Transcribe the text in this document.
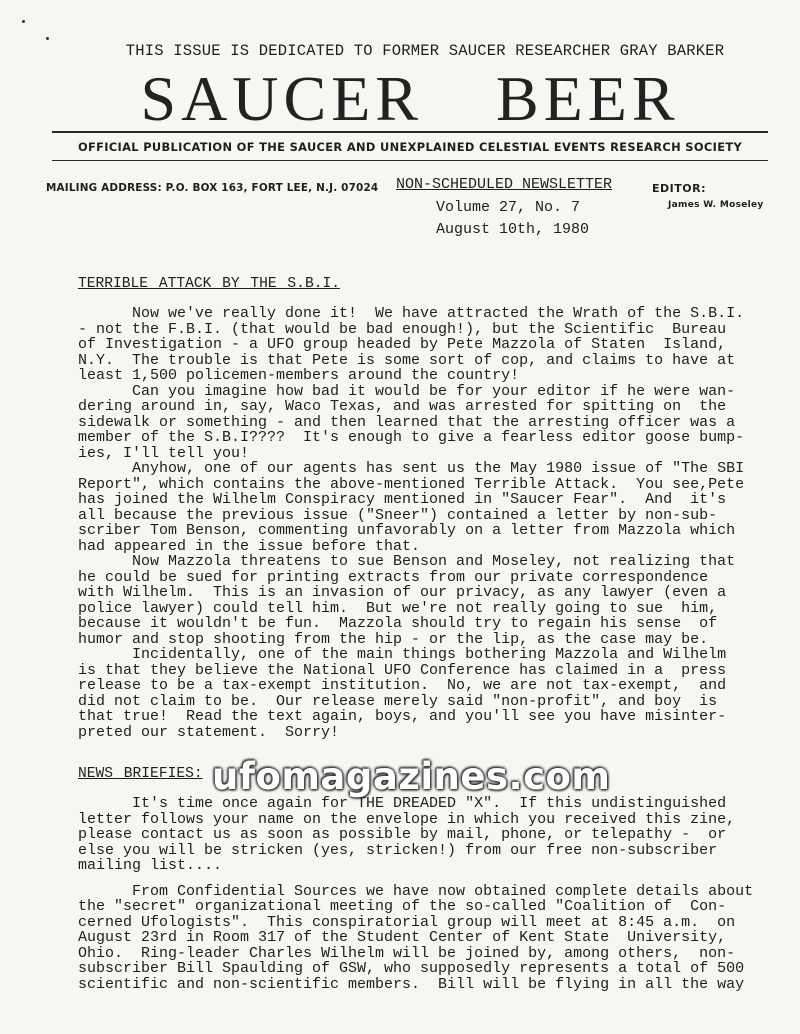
THIS ISSUE IS DEDICATED TO FORMER SAUCER RESEARCHER GRAY BARKER
SAUCER BEER
OFFICIAL PUBLICATION OF THE SAUCER AND UNEXPLAINED CELESTIAL EVENTS RESEARCH SOCIETY
MAILING ADDRESS: P.O. BOX 163, FORT LEE, N.J. 07024 NON-SCHEDULED NEWSLETTER
Volume 27, No. 7
August 10th, 1980
EDITOR:
James W. Moseley
TERRIBLE ATTACK BY THE S.B.I.
Now we've really done it!  We have attracted the Wrath of the S.B.I.
- not the F.B.I. (that would be bad enough!), but the Scientific  Bureau
of Investigation - a UFO group headed by Pete Mazzola of Staten  Island,
N.Y.  The trouble is that Pete is some sort of cop, and claims to have at
least 1,500 policemen-members around the country!
Can you imagine how bad it would be for your editor if he were wan-
dering around in, say, Waco Texas, and was arrested for spitting on  the
sidewalk or something - and then learned that the arresting officer was a
member of the S.B.I????  It's enough to give a fearless editor goose bump-
ies, I'll tell you!
Anyhow, one of our agents has sent us the May 1980 issue of "The SBI
Report", which contains the above-mentioned Terrible Attack.  You see,Pete
has joined the Wilhelm Conspiracy mentioned in "Saucer Fear".  And  it's
all because the previous issue ("Sneer") contained a letter by non-sub-
scriber Tom Benson, commenting unfavorably on a letter from Mazzola which
had appeared in the issue before that.
Now Mazzola threatens to sue Benson and Moseley, not realizing that
he could be sued for printing extracts from our private correspondence
with Wilhelm.  This is an invasion of our privacy, as any lawyer (even a
police lawyer) could tell him.  But we're not really going to sue  him,
because it wouldn't be fun.  Mazzola should try to regain his sense  of
humor and stop shooting from the hip - or the lip, as the case may be.
Incidentally, one of the main things bothering Mazzola and Wilhelm
is that they believe the National UFO Conference has claimed in a  press
release to be a tax-exempt institution.  No, we are not tax-exempt,  and
did not claim to be.  Our release merely said "non-profit", and boy  is
that true!  Read the text again, boys, and you'll see you have misinter-
preted our statement.  Sorry!
NEWS BRIEFIES:
It's time once again for THE DREADED "X".  If this undistinguished
letter follows your name on the envelope in which you received this zine,
please contact us as soon as possible by mail, phone, or telepathy -  or
else you will be stricken (yes, stricken!) from our free non-subscriber
mailing list....
From Confidential Sources we have now obtained complete details about
the "secret" organizational meeting of the so-called "Coalition of  Con-
cerned Ufologists".  This conspiratorial group will meet at 8:45 a.m.  on
August 23rd in Room 317 of the Student Center of Kent State  University,
Ohio.  Ring-leader Charles Wilhelm will be joined by, among others,  non-
subscriber Bill Spaulding of GSW, who supposedly represents a total of 500
scientific and non-scientific members.  Bill will be flying in all the way
ufomagazines.com
